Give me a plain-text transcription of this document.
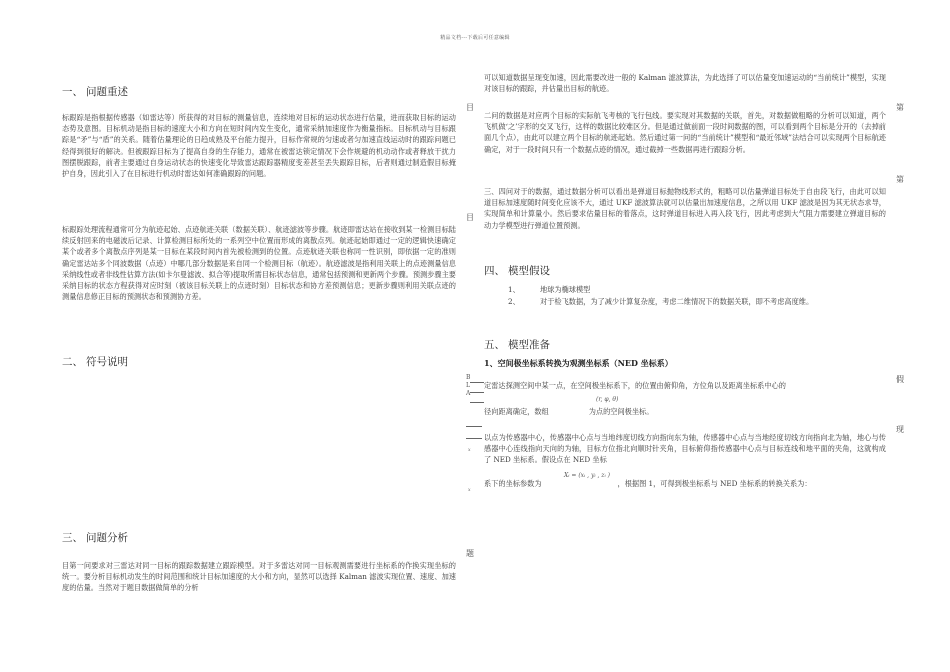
精品文档---下载后可任意编辑
一、 问题重述

标跟踪是指根据传感器（如雷达等）所获得的对目标的测量信息，连续地对目标的运动状态进行估量，进而获取目标的运动态势及意图。目标机动是指目标的速度大小和方向在短时间内发生变化，通常采纳加速度作为衡量指标。目标机动与目标跟踪是“矛”与“盾”的关系。随着估量理论的日趋成熟及平台能力提升，目标作常规的匀速或者匀加速直线运动时的跟踪问题已经得到很好的解决。但被跟踪目标为了提高自身的生存能力，通常在被雷达锁定情况下会作规避的机动动作或者释放干扰力图摆脱跟踪，前者主要通过自身运动状态的快速变化导致雷达跟踪器精度变差甚至丢失跟踪目标，后者则通过制造假目标掩护自身，因此引入了在目标进行机动时雷达如何准确跟踪的问题。

标跟踪处理流程通常可分为航迹起始、点迹航迹关联（数据关联）、航迹滤波等步骤。航迹即雷达站在接收到某一检测目标陆续反射回来的电磁波后记录、计算检测目标所处的一系列空中位置而形成的离散点列。航迹起始即通过一定的逻辑快速确定某个或者多个离散点序列是某一目标在某段时间内首先被检测到的位置。点迹航迹关联也称同一性识别，即依据一定的准则确定雷达站多个同波数据（点迹）中哪几部分数据是来自同一个检测目标（航迹）。航迹滤波是指利用关联上的点迹测量信息采纳线性或者非线性估算方法(如卡尔曼滤波、拟合等)提取所需目标状态信息，通常包括预测和更新两个步骤。预测步骤主要采纳目标的状态方程获得对应时刻（被该目标关联上的点迹时刻）目标状态和协方差预测信息；更新步骤则利用关联点迹的测量信息修正目标的预测状态和预测协方差。

二、 符号说明
三、 问题分析

目第一问要求对三雷达对同一目标的跟踪数据建立跟踪模型。对于多雷达对同一目标观测需要进行坐标系的作换实现坐标的统一。要分析目标机动发生的时间范围和统计目标加速度的大小和方向，显然可以选择 Kalman 滤波实现位置、速度、加速度的估量。当然对于题目数据做简单的分析

目	第
第
目
假
现
题

可以知道数据呈现变加速，因此需要改进一般的 Kalman 滤波算法，为此选择了可以估量变加速运动的“当前统计”模型，实现对该目标的跟踪，并估量出目标的航迹。

二问的数据是对应两个目标的实际航飞考核的飞行包线。要实现对其数据的关联，首先，对数据做粗略的分析可以知道，两个飞机做‘之’字形的交叉飞行，这样的数据比较难区分。但是通过做前面一段时间数据的图，可以看到两个目标是分开的（去掉前面几个点），由此可以建立两个目标的航迹起始。然后通过第一问的“当前统计”模型和“最近邻域”法结合可以实现两个目标航迹确定，对于一段时间只有一个数据点迹的情况，通过截掉一些数据再进行跟踪分析。

三、四问对于的数据，通过数据分析可以看出是弹道目标抛物线形式的，粗略可以估量弹道目标处于自由段飞行，由此可以知道目标加速度随时间变化应该不大，通过 UKF 滤波算法就可以估量出加速度信息，之所以用 UKF 滤波是因为其无状态求导，实现简单和计算量小。然后要求估量目标的着落点，这时弹道目标进入再入段飞行，因此考虑到大气阻力需要建立弹道目标的动力学模型进行弹道位置预测。

四、 模型假设
1、	地球为椭球模型
2、	对于检飞数据，为了减少计算复杂度，考虑二维情况下的数据关联，即不考虑高度维。
五、 模型准备
1、空间极坐标系转换为观测坐标系（NED 坐标系）
B
L
A

定雷达探测空间中某一点，在空间极坐标系下，的位置由俯仰角，方位角以及距离坐标系中心的

(r, φ, θ)
径向距离确定，数组	为点的空间极坐标。

以点为传感器中心，传感器中心点与当地纬度切线方向指向东为轴，传感器中心点与当地经度切线方向指向北为轴，地心与传感器中心连线指向天向的为轴，目标方位指北向顺时针夹角，目标俯仰指传感器中心点与目标连线和地平面的夹角，这就构成了 NED 坐标系。假设点在 NED 坐标

x
Xᵢ = (xᵢ , yᵢ , zᵢ )
系下的坐标参数为	，根据图 1，可得到极坐标系与 NED 坐标系的转换关系为：
x
